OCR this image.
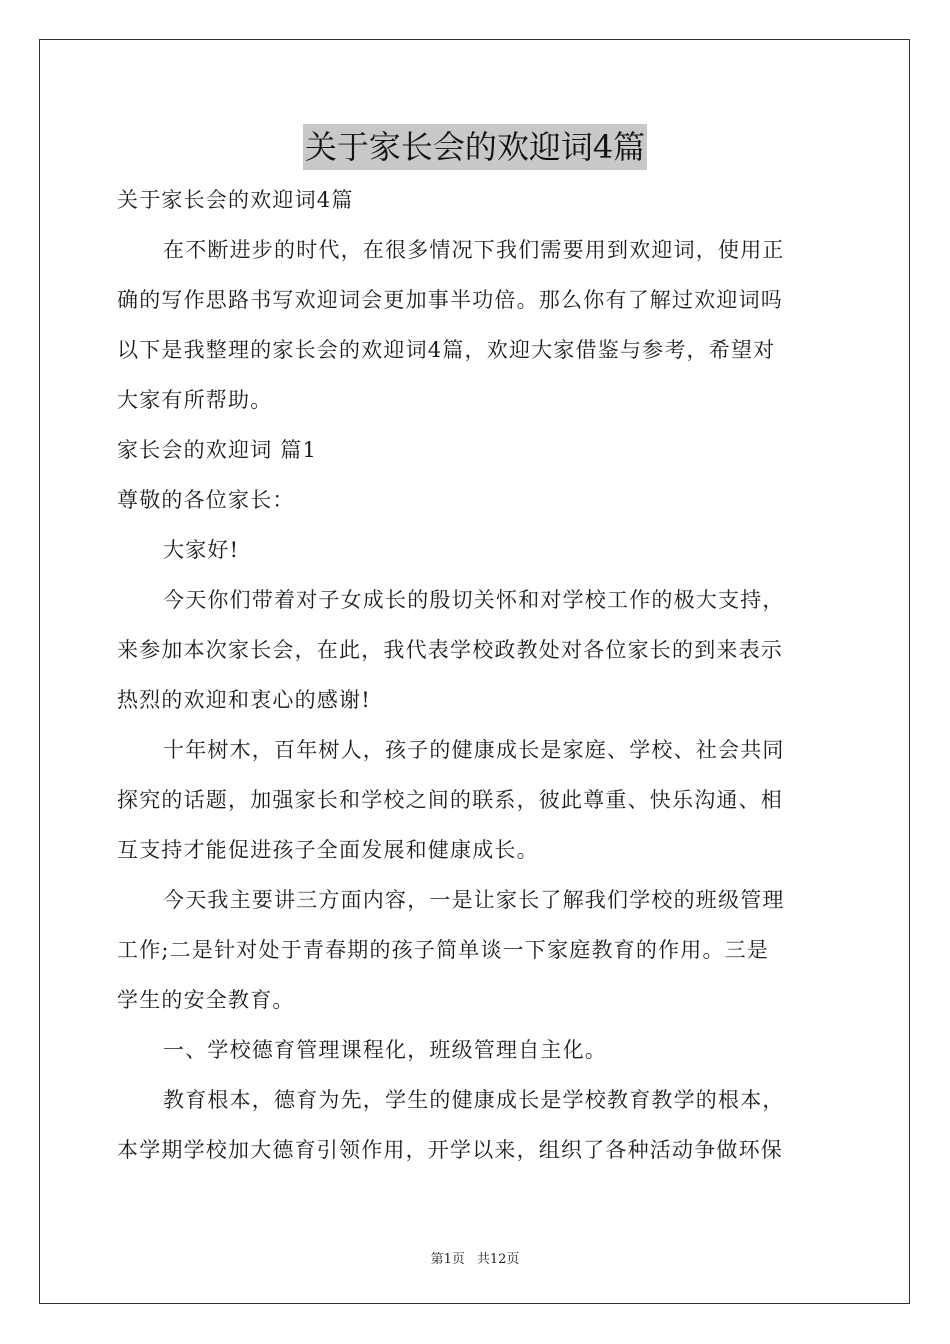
关于家长会的欢迎词4篇
关于家长会的欢迎词4篇
在不断进步的时代，在很多情况下我们需要用到欢迎词，使用正
确的写作思路书写欢迎词会更加事半功倍。那么你有了解过欢迎词吗
以下是我整理的家长会的欢迎词4篇，欢迎大家借鉴与参考，希望对
大家有所帮助。
家长会的欢迎词 篇1
尊敬的各位家长：
大家好!
今天你们带着对子女成长的殷切关怀和对学校工作的极大支持，
来参加本次家长会，在此，我代表学校政教处对各位家长的到来表示
热烈的欢迎和衷心的感谢!
十年树木，百年树人，孩子的健康成长是家庭、学校、社会共同
探究的话题，加强家长和学校之间的联系，彼此尊重、快乐沟通、相
互支持才能促进孩子全面发展和健康成长。
今天我主要讲三方面内容，一是让家长了解我们学校的班级管理
工作;二是针对处于青春期的孩子简单谈一下家庭教育的作用。三是
学生的安全教育。
一、学校德育管理课程化，班级管理自主化。
教育根本，德育为先，学生的健康成长是学校教育教学的根本，
本学期学校加大德育引领作用，开学以来，组织了各种活动争做环保
第1页 共12页
